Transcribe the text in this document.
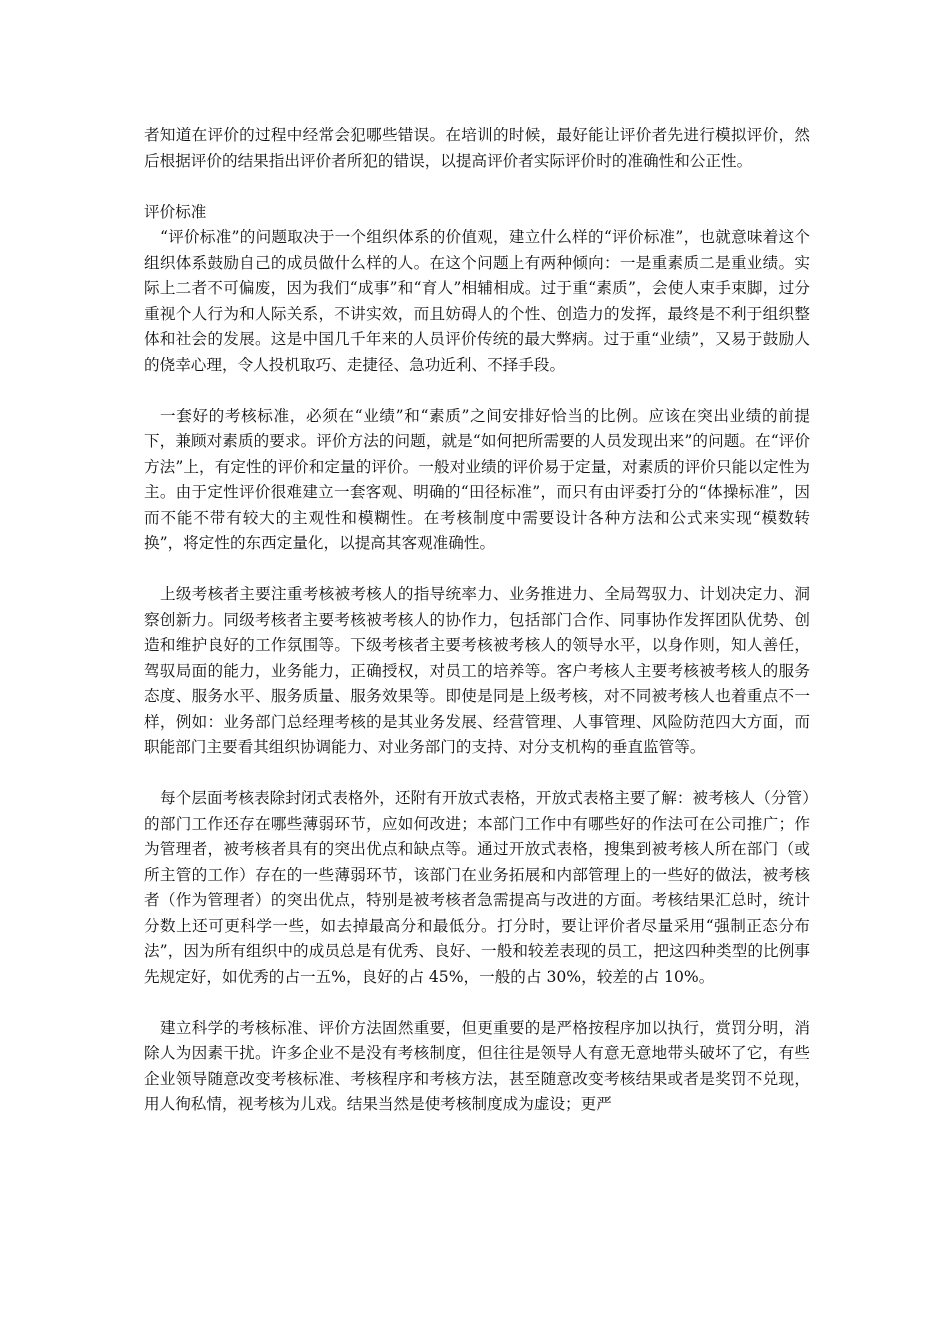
者知道在评价的过程中经常会犯哪些错误。在培训的时候，最好能让评价者先进行模拟评价，然后根据评价的结果指出评价者所犯的错误，以提高评价者实际评价时的准确性和公正性。

评价标准

“评价标准”的问题取决于一个组织体系的价值观，建立什么样的“评价标准”，也就意味着这个组织体系鼓励自己的成员做什么样的人。在这个问题上有两种倾向：一是重素质二是重业绩。实际上二者不可偏废，因为我们“成事”和“育人”相辅相成。过于重“素质”，会使人束手束脚，过分重视个人行为和人际关系，不讲实效，而且妨碍人的个性、创造力的发挥，最终是不利于组织整体和社会的发展。这是中国几千年来的人员评价传统的最大弊病。过于重“业绩”，又易于鼓励人的侥幸心理，令人投机取巧、走捷径、急功近利、不择手段。

一套好的考核标准，必须在“业绩”和“素质”之间安排好恰当的比例。应该在突出业绩的前提下，兼顾对素质的要求。评价方法的问题，就是“如何把所需要的人员发现出来”的问题。在“评价方法”上，有定性的评价和定量的评价。一般对业绩的评价易于定量，对素质的评价只能以定性为主。由于定性评价很难建立一套客观、明确的“田径标准”，而只有由评委打分的“体操标准”，因而不能不带有较大的主观性和模糊性。在考核制度中需要设计各种方法和公式来实现“模数转换”，将定性的东西定量化，以提高其客观准确性。

上级考核者主要注重考核被考核人的指导统率力、业务推进力、全局驾驭力、计划决定力、洞察创新力。同级考核者主要考核被考核人的协作力，包括部门合作、同事协作发挥团队优势、创造和维护良好的工作氛围等。下级考核者主要考核被考核人的领导水平，以身作则，知人善任，驾驭局面的能力，业务能力，正确授权，对员工的培养等。客户考核人主要考核被考核人的服务态度、服务水平、服务质量、服务效果等。即使是同是上级考核，对不同被考核人也着重点不一样，例如：业务部门总经理考核的是其业务发展、经营管理、人事管理、风险防范四大方面，而职能部门主要看其组织协调能力、对业务部门的支持、对分支机构的垂直监管等。

每个层面考核表除封闭式表格外，还附有开放式表格，开放式表格主要了解：被考核人（分管）的部门工作还存在哪些薄弱环节，应如何改进；本部门工作中有哪些好的作法可在公司推广；作为管理者，被考核者具有的突出优点和缺点等。通过开放式表格，搜集到被考核人所在部门（或所主管的工作）存在的一些薄弱环节，该部门在业务拓展和内部管理上的一些好的做法，被考核者（作为管理者）的突出优点，特别是被考核者急需提高与改进的方面。考核结果汇总时，统计分数上还可更科学一些，如去掉最高分和最低分。打分时，要让评价者尽量采用“强制正态分布法”，因为所有组织中的成员总是有优秀、良好、一般和较差表现的员工，把这四种类型的比例事先规定好，如优秀的占一五%，良好的占 45%，一般的占 30%，较差的占 10%。

建立科学的考核标准、评价方法固然重要，但更重要的是严格按程序加以执行，赏罚分明，消除人为因素干扰。许多企业不是没有考核制度，但往往是领导人有意无意地带头破坏了它，有些企业领导随意改变考核标准、考核程序和考核方法，甚至随意改变考核结果或者是奖罚不兑现，用人徇私情，视考核为儿戏。结果当然是使考核制度成为虚设；更严
